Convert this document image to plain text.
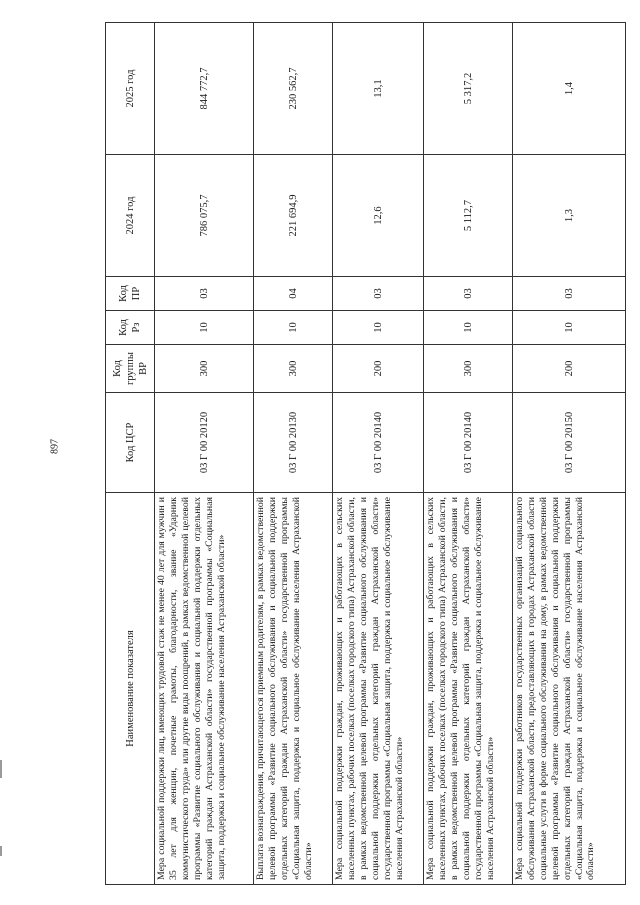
897
Наименование показателя	Код ЦСР	Код группы ВР	Код Рз	Код ПР	2024 год	2025 год
Мера социальной поддержки лиц, имеющих трудовой стаж не менее 40 лет для мужчин и 35 лет для женщин, почетные грамоты, благодарности, звание «Ударник коммунистического труда» или другие виды поощрений, в рамках ведомственной целевой программы «Развитие социального обслуживания и социальной поддержки отдельных категорий граждан Астраханской области» государственной программы «Социальная защита, поддержка и социальное обслуживание населения Астраханской области»	03 Г 00 20120	300	10	03	786 075,7	844 772,7
Выплата вознаграждения, причитающегося приемным родителям, в рамках ведомственной целевой программы «Развитие социального обслуживания и социальной поддержки отдельных категорий граждан Астраханской области» государственной программы «Социальная защита, поддержка и социальное обслуживание населения Астраханской области»	03 Г 00 20130	300	10	04	221 694,9	230 562,7
Мера социальной поддержки граждан, проживающих и работающих в сельских населенных пунктах, рабочих поселках (поселках городского типа) Астраханской области, в рамках ведомственной целевой программы «Развитие социального обслуживания и социальной поддержки отдельных категорий граждан Астраханской области» государственной программы «Социальная защита, поддержка и социальное обслуживание населения Астраханской области»	03 Г 00 20140	200	10	03	12,6	13,1
Мера социальной поддержки граждан, проживающих и работающих в сельских населенных пунктах, рабочих поселках (поселках городского типа) Астраханской области, в рамках ведомственной целевой программы «Развитие социального обслуживания и социальной поддержки отдельных категорий граждан Астраханской области» государственной программы «Социальная защита, поддержка и социальное обслуживание населения Астраханской области»	03 Г 00 20140	300	10	03	5 112,7	5 317,2
Мера социальной поддержки работников государственных организаций социального обслуживания Астраханской области, предоставляющих в городах Астраханской области социальные услуги в форме социального обслуживания на дому, в рамках ведомственной целевой программы «Развитие социального обслуживания и социальной поддержки отдельных категорий граждан Астраханской области» государственной программы «Социальная защита, поддержка и социальное обслуживание населения Астраханской области»	03 Г 00 20150	200	10	03	1,3	1,4
